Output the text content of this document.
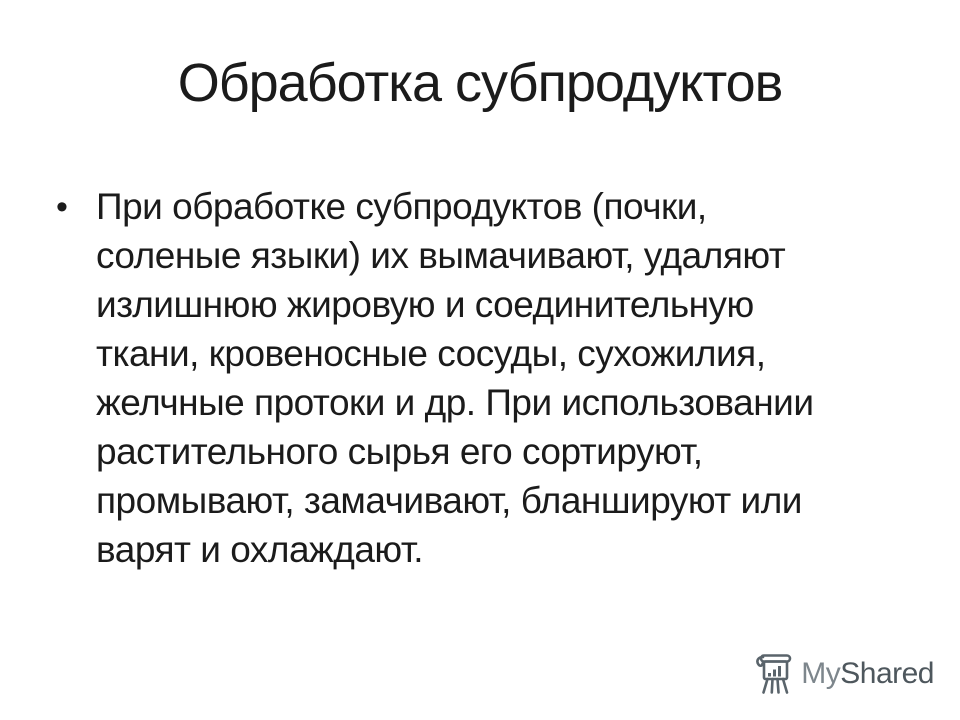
Обработка субпродуктов
• При обработке субпродуктов (почки,
соленые языки) их вымачивают, удаляют
излишнюю жировую и соединительную
ткани, кровеносные сосуды, сухожилия,
желчные протоки и др. При использовании
растительного сырья его сортируют,
промывают, замачивают, бланшируют или
варят и охлаждают.
MyShared
